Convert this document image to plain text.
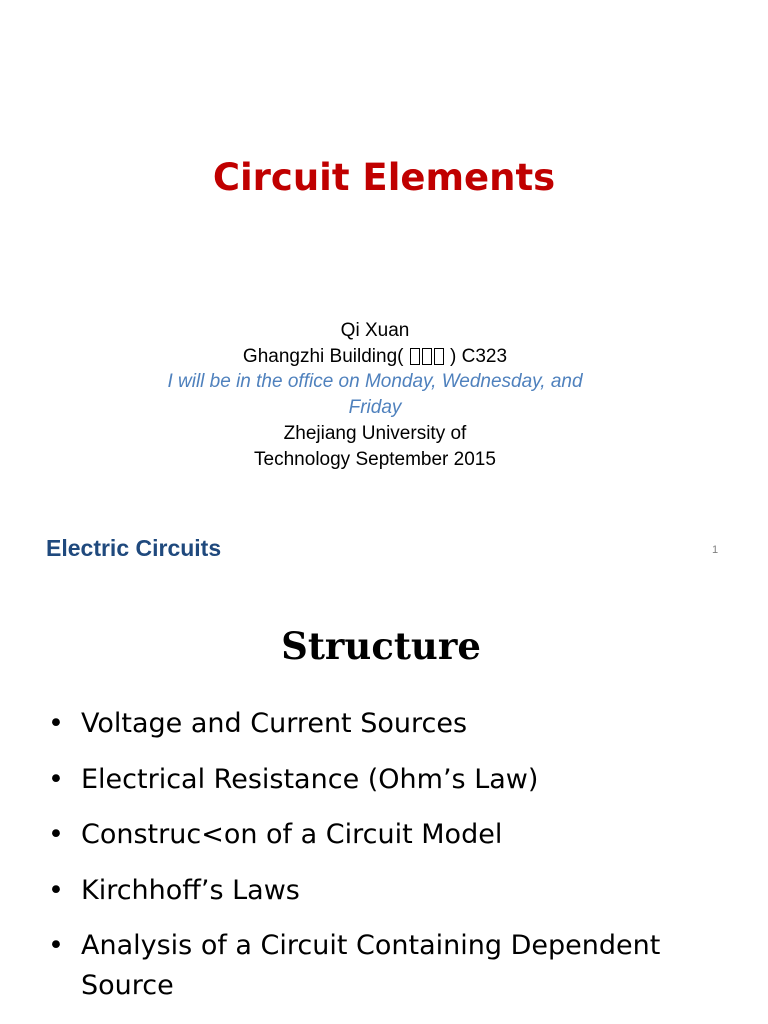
Circuit Elements
Qi Xuan
Ghangzhi Building( ) C323
I will be in the office on Monday, Wednesday, and
Friday
Zhejiang University of
Technology September 2015
Electric Circuits	1
Structure
• Voltage and Current Sources
• Electrical Resistance (Ohm’s Law)
• Construc<on of a Circuit Model
• Kirchhoff’s Laws
• Analysis of a Circuit Containing Dependent Source
